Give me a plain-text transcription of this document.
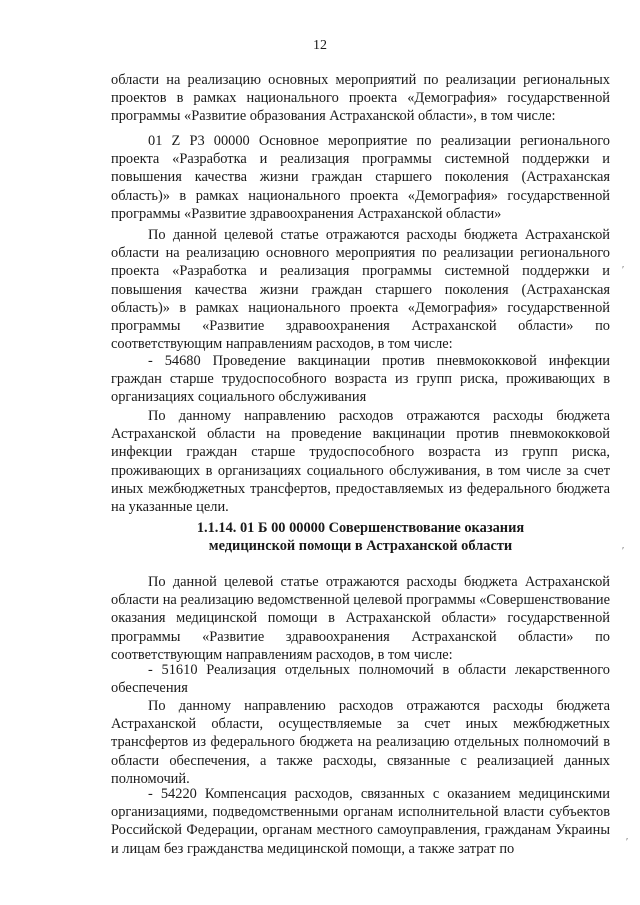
12

области на реализацию основных мероприятий по реализации региональных проектов в рамках национального проекта «Демография» государственной программы «Развитие образования Астраханской области», в том числе:

01 Z Р3 00000 Основное мероприятие по реализации регионального проекта «Разработка и реализация программы системной поддержки и повышения качества жизни граждан старшего поколения (Астраханская область)» в рамках национального проекта «Демография» государственной программы «Развитие здравоохранения Астраханской области»

По данной целевой статье отражаются расходы бюджета Астраханской области на реализацию основного мероприятия по реализации регионального проекта «Разработка и реализация программы системной поддержки и повышения качества жизни граждан старшего поколения (Астраханская область)» в рамках национального проекта «Демография» государственной программы «Развитие здравоохранения Астраханской области» по соответствующим направлениям расходов, в том числе:

- 54680 Проведение вакцинации против пневмококковой инфекции граждан старше трудоспособного возраста из групп риска, проживающих в организациях социального обслуживания

По данному направлению расходов отражаются расходы бюджета Астраханской области на проведение вакцинации против пневмококковой инфекции граждан старше трудоспособного возраста из групп риска, проживающих в организациях социального обслуживания, в том числе за счет иных межбюджетных трансфертов, предоставляемых из федерального бюджета на указанные цели.

1.1.14. 01 Б 00 00000 Совершенствование оказания
медицинской помощи в Астраханской области

По данной целевой статье отражаются расходы бюджета Астраханской области на реализацию ведомственной целевой программы «Совершенствование оказания медицинской помощи в Астраханской области» государственной программы «Развитие здравоохранения Астраханской области» по соответствующим направлениям расходов, в том числе:

- 51610 Реализация отдельных полномочий в области лекарственного обеспечения

По данному направлению расходов отражаются расходы бюджета Астраханской области, осуществляемые за счет иных межбюджетных трансфертов из федерального бюджета на реализацию отдельных полномочий в области обеспечения, а также расходы, связанные с реализацией данных полномочий.

- 54220 Компенсация расходов, связанных с оказанием медицинскими организациями, подведомственными органам исполнительной власти субъектов Российской Федерации, органам местного самоуправления, гражданам Украины и лицам без гражданства медицинской помощи, а также затрат по

′
′
′
